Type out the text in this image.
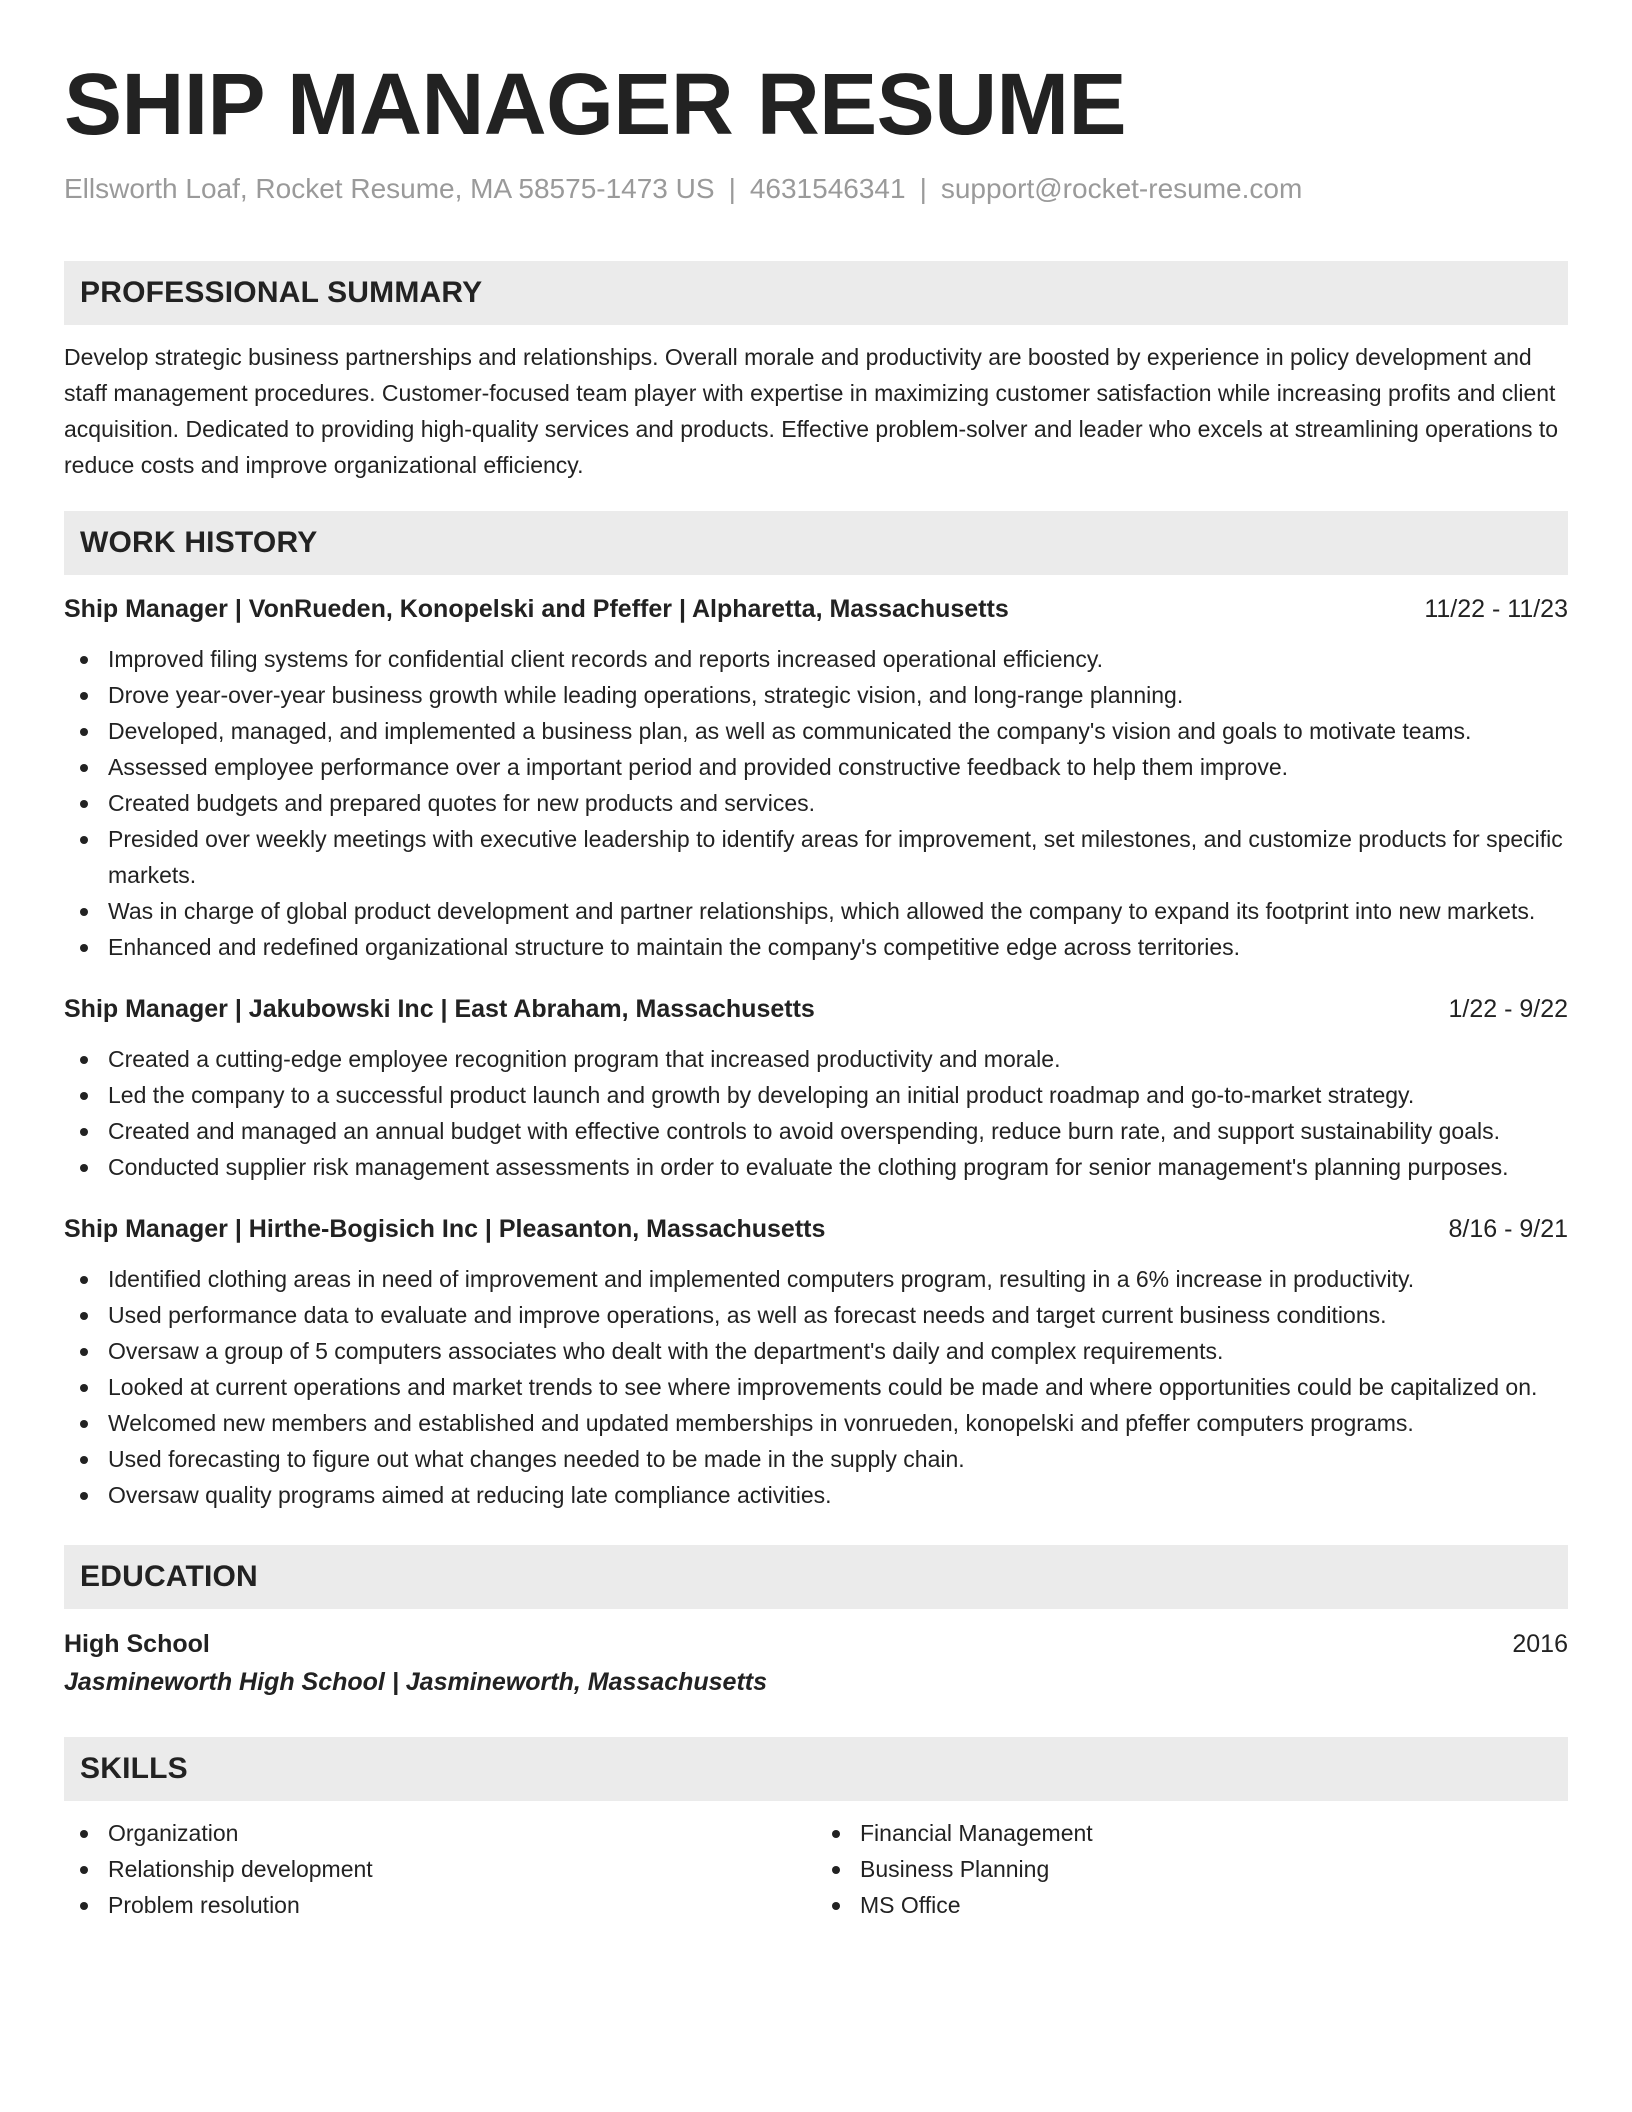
SHIP MANAGER RESUME
Ellsworth Loaf, Rocket Resume, MA 58575-1473 US | 4631546341 | support@rocket-resume.com
PROFESSIONAL SUMMARY

Develop strategic business partnerships and relationships. Overall morale and productivity are boosted by experience in policy development and staff management procedures. Customer-focused team player with expertise in maximizing customer satisfaction while increasing profits and client acquisition. Dedicated to providing high-quality services and products. Effective problem-solver and leader who excels at streamlining operations to reduce costs and improve organizational efficiency.

WORK HISTORY
Ship Manager | VonRueden, Konopelski and Pfeffer | Alpharetta, Massachusetts	11/22 - 11/23
Improved filing systems for confidential client records and reports increased operational efficiency.
Drove year-over-year business growth while leading operations, strategic vision, and long-range planning.
Developed, managed, and implemented a business plan, as well as communicated the company's vision and goals to motivate teams.
Assessed employee performance over a important period and provided constructive feedback to help them improve.
Created budgets and prepared quotes for new products and services.
Presided over weekly meetings with executive leadership to identify areas for improvement, set milestones, and customize products for specific markets.
Was in charge of global product development and partner relationships, which allowed the company to expand its footprint into new markets.
Enhanced and redefined organizational structure to maintain the company's competitive edge across territories.
Ship Manager | Jakubowski Inc | East Abraham, Massachusetts	1/22 - 9/22
Created a cutting-edge employee recognition program that increased productivity and morale.
Led the company to a successful product launch and growth by developing an initial product roadmap and go-to-market strategy.
Created and managed an annual budget with effective controls to avoid overspending, reduce burn rate, and support sustainability goals.
Conducted supplier risk management assessments in order to evaluate the clothing program for senior management's planning purposes.
Ship Manager | Hirthe-Bogisich Inc | Pleasanton, Massachusetts	8/16 - 9/21
Identified clothing areas in need of improvement and implemented computers program, resulting in a 6% increase in productivity.
Used performance data to evaluate and improve operations, as well as forecast needs and target current business conditions.
Oversaw a group of 5 computers associates who dealt with the department's daily and complex requirements.
Looked at current operations and market trends to see where improvements could be made and where opportunities could be capitalized on.
Welcomed new members and established and updated memberships in vonrueden, konopelski and pfeffer computers programs.
Used forecasting to figure out what changes needed to be made in the supply chain.
Oversaw quality programs aimed at reducing late compliance activities.
EDUCATION
High School	2016
Jasmineworth High School | Jasmineworth, Massachusetts
SKILLS
Organization
Relationship development
Problem resolution
Financial Management
Business Planning
MS Office
